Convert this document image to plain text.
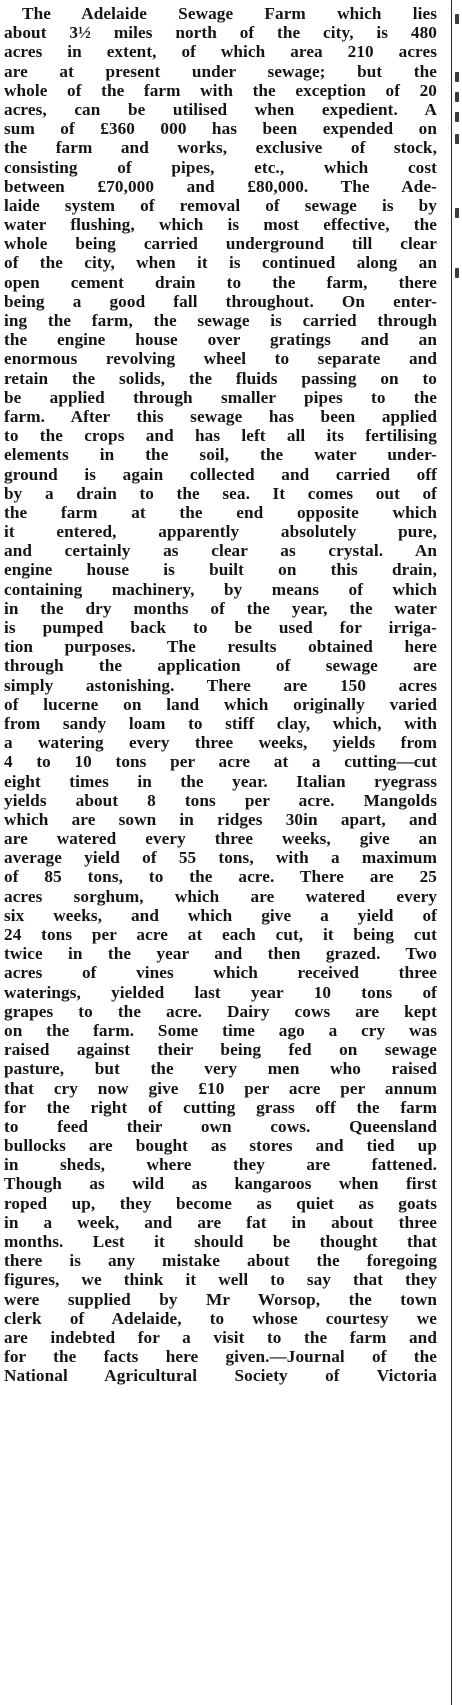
The Adelaide Sewage Farm which lies
about 3½ miles north of the city, is 480
acres in extent, of which area 210 acres
are at present under sewage; but the
whole of the farm with the exception of 20
acres, can be utilised when expedient. A
sum of £360 000 has been expended on
the farm and works, exclusive of stock,
consisting of pipes, etc., which cost
between £70,000 and £80,000. The Ade-
laide system of removal of sewage is by
water flushing, which is most effective, the
whole being carried underground till clear
of the city, when it is continued along an
open cement drain to the farm, there
being a good fall throughout. On enter-
ing the farm, the sewage is carried through
the engine house over gratings and an
enormous revolving wheel to separate and
retain the solids, the fluids passing on to
be applied through smaller pipes to the
farm. After this sewage has been applied
to the crops and has left all its fertilising
elements in the soil, the water under-
ground is again collected and carried off
by a drain to the sea. It comes out of
the farm at the end opposite which
it entered, apparently absolutely pure,
and certainly as clear as crystal. An
engine house is built on this drain,
containing machinery, by means of which
in the dry months of the year, the water
is pumped back to be used for irriga-
tion purposes. The results obtained here
through the application of sewage are
simply astonishing. There are 150 acres
of lucerne on land which originally varied
from sandy loam to stiff clay, which, with
a watering every three weeks, yields from
4 to 10 tons per acre at a cutting—cut
eight times in the year. Italian ryegrass
yields about 8 tons per acre. Mangolds
which are sown in ridges 30in apart, and
are watered every three weeks, give an
average yield of 55 tons, with a maximum
of 85 tons, to the acre. There are 25
acres sorghum, which are watered every
six weeks, and which give a yield of
24 tons per acre at each cut, it being cut
twice in the year and then grazed. Two
acres of vines which received three
waterings, yielded last year 10 tons of
grapes to the acre. Dairy cows are kept
on the farm. Some time ago a cry was
raised against their being fed on sewage
pasture, but the very men who raised
that cry now give £10 per acre per annum
for the right of cutting grass off the farm
to feed their own cows. Queensland
bullocks are bought as stores and tied up
in sheds, where they are fattened.
Though as wild as kangaroos when first
roped up, they become as quiet as goats
in a week, and are fat in about three
months. Lest it should be thought that
there is any mistake about the foregoing
figures, we think it well to say that they
were supplied by Mr Worsop, the town
clerk of Adelaide, to whose courtesy we
are indebted for a visit to the farm and
for the facts here given.—Journal of the
National Agricultural Society of Victoria
